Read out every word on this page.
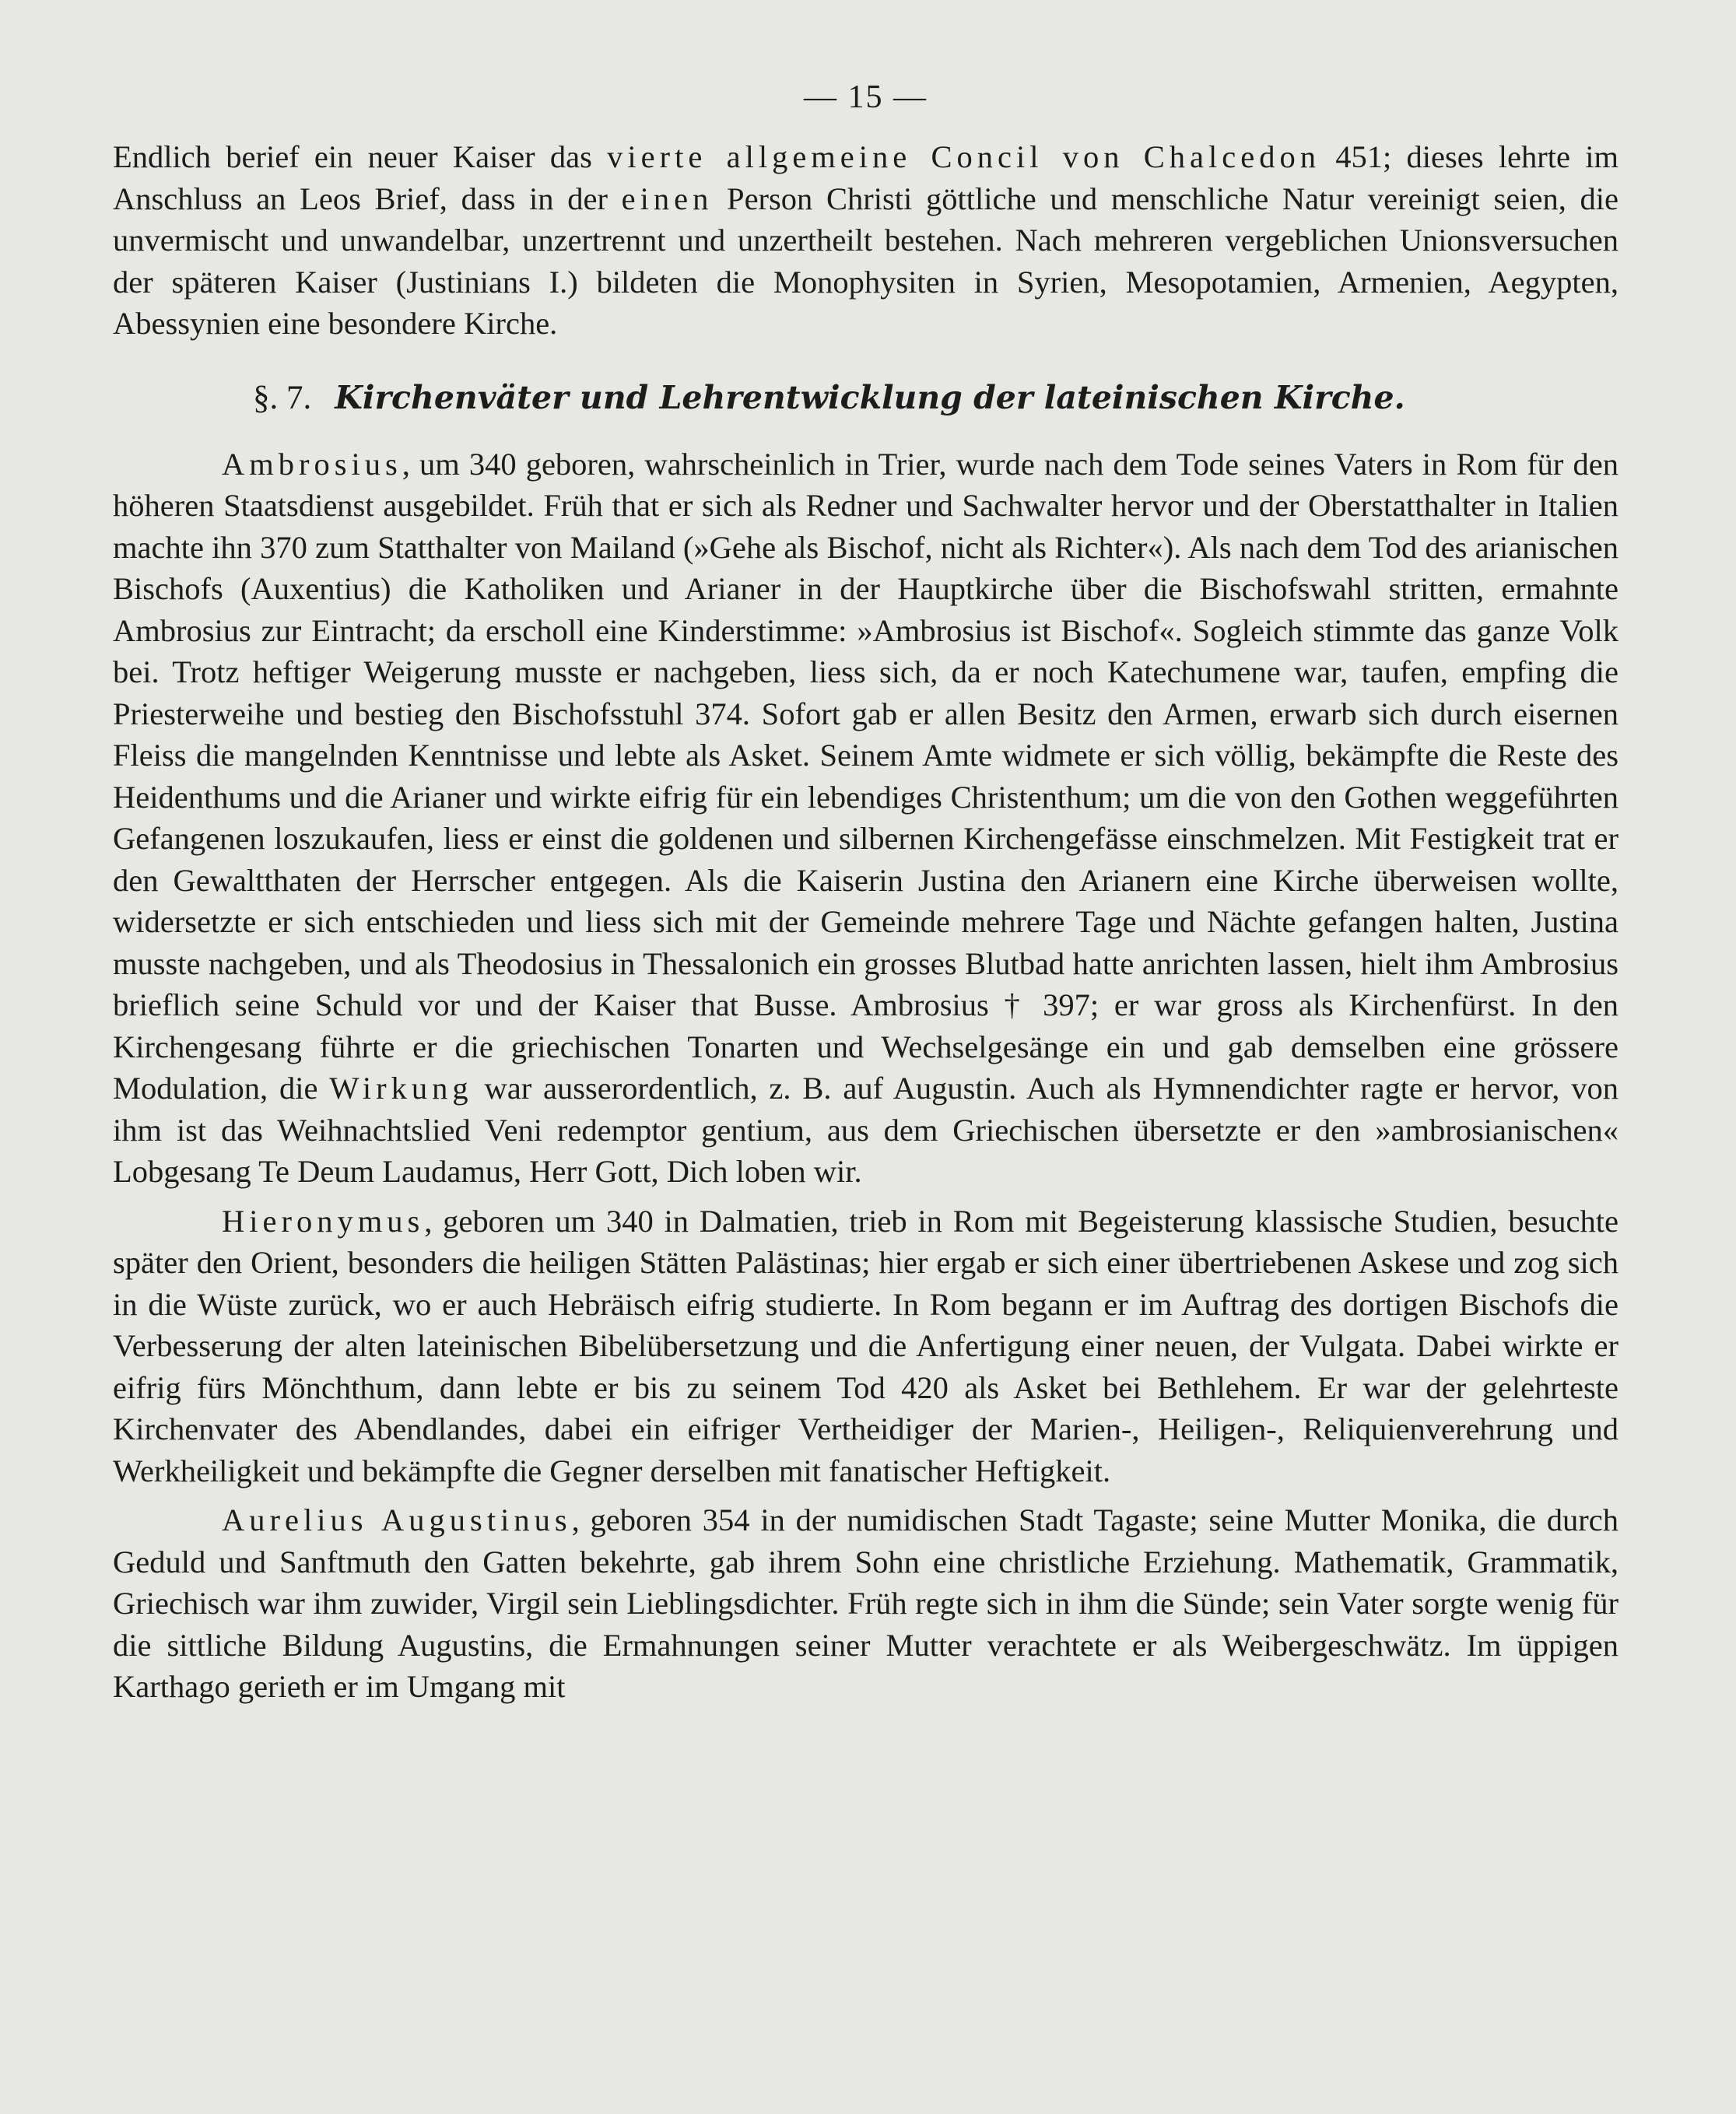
— 15 —

Endlich berief ein neuer Kaiser das vierte allgemeine Concil von Chalcedon 451; dieses lehrte im Anschluss an Leos Brief, dass in der einen Person Christi göttliche und menschliche Natur vereinigt seien, die unvermischt und unwandelbar, unzertrennt und unzertheilt bestehen. Nach mehreren vergeblichen Unionsversuchen der späteren Kaiser (Justinians I.) bildeten die Monophysiten in Syrien, Mesopotamien, Armenien, Aegypten, Abessynien eine besondere Kirche.

§. 7. Kirchenväter und Lehrentwicklung der lateinischen Kirche.

Ambrosius, um 340 geboren, wahrscheinlich in Trier, wurde nach dem Tode seines Vaters in Rom für den höheren Staatsdienst ausgebildet. Früh that er sich als Redner und Sachwalter hervor und der Oberstatthalter in Italien machte ihn 370 zum Statthalter von Mailand (»Gehe als Bischof, nicht als Richter«). Als nach dem Tod des arianischen Bischofs (Auxentius) die Katholiken und Arianer in der Hauptkirche über die Bischofswahl stritten, ermahnte Ambrosius zur Eintracht; da erscholl eine Kinderstimme: »Ambrosius ist Bischof«. Sogleich stimmte das ganze Volk bei. Trotz heftiger Weigerung musste er nachgeben, liess sich, da er noch Katechumene war, taufen, empfing die Priesterweihe und bestieg den Bischofsstuhl 374. Sofort gab er allen Besitz den Armen, erwarb sich durch eisernen Fleiss die mangelnden Kenntnisse und lebte als Asket. Seinem Amte widmete er sich völlig, bekämpfte die Reste des Heidenthums und die Arianer und wirkte eifrig für ein lebendiges Christenthum; um die von den Gothen weggeführten Gefangenen loszukaufen, liess er einst die goldenen und silbernen Kirchengefässe einschmelzen. Mit Festigkeit trat er den Gewaltthaten der Herrscher entgegen. Als die Kaiserin Justina den Arianern eine Kirche überweisen wollte, widersetzte er sich entschieden und liess sich mit der Gemeinde mehrere Tage und Nächte gefangen halten, Justina musste nachgeben, und als Theodosius in Thessalonich ein grosses Blutbad hatte anrichten lassen, hielt ihm Ambrosius brieflich seine Schuld vor und der Kaiser that Busse. Ambrosius † 397; er war gross als Kirchenfürst. In den Kirchengesang führte er die griechischen Tonarten und Wechselgesänge ein und gab demselben eine grössere Modulation, die Wirkung war ausserordentlich, z. B. auf Augustin. Auch als Hymnendichter ragte er hervor, von ihm ist das Weihnachtslied Veni redemptor gentium, aus dem Griechischen übersetzte er den »ambrosianischen« Lobgesang Te Deum Laudamus, Herr Gott, Dich loben wir.

Hieronymus, geboren um 340 in Dalmatien, trieb in Rom mit Begeisterung klassische Studien, besuchte später den Orient, besonders die heiligen Stätten Palästinas; hier ergab er sich einer übertriebenen Askese und zog sich in die Wüste zurück, wo er auch Hebräisch eifrig studierte. In Rom begann er im Auftrag des dortigen Bischofs die Verbesserung der alten lateinischen Bibelübersetzung und die Anfertigung einer neuen, der Vulgata. Dabei wirkte er eifrig fürs Mönchthum, dann lebte er bis zu seinem Tod 420 als Asket bei Bethlehem. Er war der gelehrteste Kirchenvater des Abendlandes, dabei ein eifriger Vertheidiger der Marien-, Heiligen-, Reliquienverehrung und Werkheiligkeit und bekämpfte die Gegner derselben mit fanatischer Heftigkeit.

Aurelius Augustinus, geboren 354 in der numidischen Stadt Tagaste; seine Mutter Monika, die durch Geduld und Sanftmuth den Gatten bekehrte, gab ihrem Sohn eine christliche Erziehung. Mathematik, Grammatik, Griechisch war ihm zuwider, Virgil sein Lieblingsdichter. Früh regte sich in ihm die Sünde; sein Vater sorgte wenig für die sittliche Bildung Augustins, die Ermahnungen seiner Mutter verachtete er als Weibergeschwätz. Im üppigen Karthago gerieth er im Umgang mit
